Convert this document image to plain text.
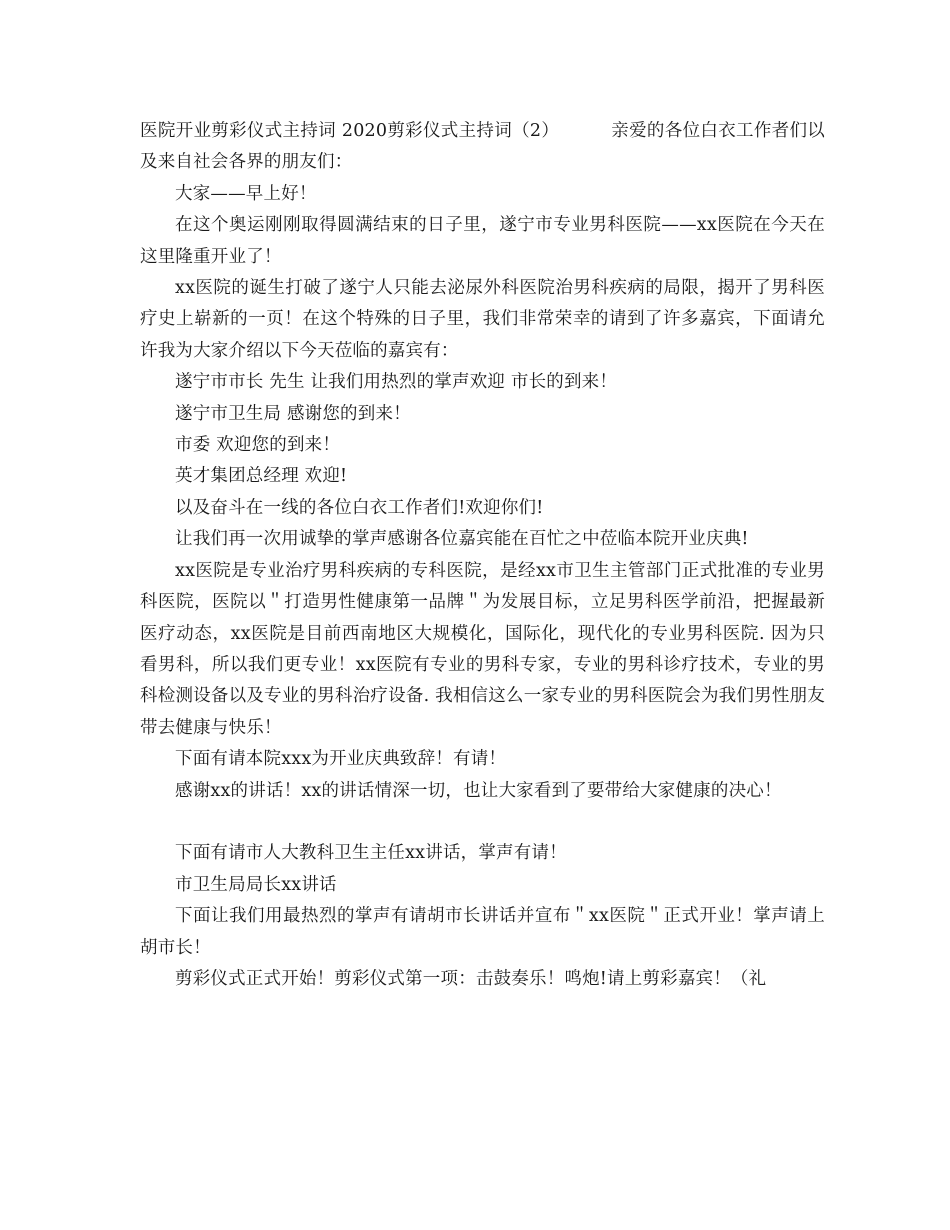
医院开业剪彩仪式主持词 2020剪彩仪式主持词（2）	亲爱的各位白衣工作者们以及来自社会各界的朋友们：

大家——早上好！

在这个奥运刚刚取得圆满结束的日子里，遂宁市专业男科医院——xx医院在今天在这里隆重开业了！

xx医院的诞生打破了遂宁人只能去泌尿外科医院治男科疾病的局限，揭开了男科医疗史上崭新的一页！在这个特殊的日子里，我们非常荣幸的请到了许多嘉宾，下面请允许我为大家介绍以下今天莅临的嘉宾有：

遂宁市市长 先生 让我们用热烈的掌声欢迎 市长的到来！

遂宁市卫生局 感谢您的到来！

市委 欢迎您的到来！

英才集团总经理 欢迎!

以及奋斗在一线的各位白衣工作者们!欢迎你们!

让我们再一次用诚挚的掌声感谢各位嘉宾能在百忙之中莅临本院开业庆典!

xx医院是专业治疗男科疾病的专科医院，是经xx市卫生主管部门正式批准的专业男科医院，医院以＂打造男性健康第一品牌＂为发展目标，立足男科医学前沿，把握最新医疗动态，xx医院是目前西南地区大规模化，国际化，现代化的专业男科医院. 因为只看男科，所以我们更专业！xx医院有专业的男科专家，专业的男科诊疗技术，专业的男科检测设备以及专业的男科治疗设备. 我相信这么一家专业的男科医院会为我们男性朋友带去健康与快乐！

下面有请本院xxx为开业庆典致辞！有请！

感谢xx的讲话！xx的讲话情深一切，也让大家看到了要带给大家健康的决心！

下面有请市人大教科卫生主任xx讲话，掌声有请！

市卫生局局长xx讲话

下面让我们用最热烈的掌声有请胡市长讲话并宣布＂xx医院＂正式开业！掌声请上胡市长！

剪彩仪式正式开始！剪彩仪式第一项：击鼓奏乐！鸣炮!请上剪彩嘉宾！（礼
